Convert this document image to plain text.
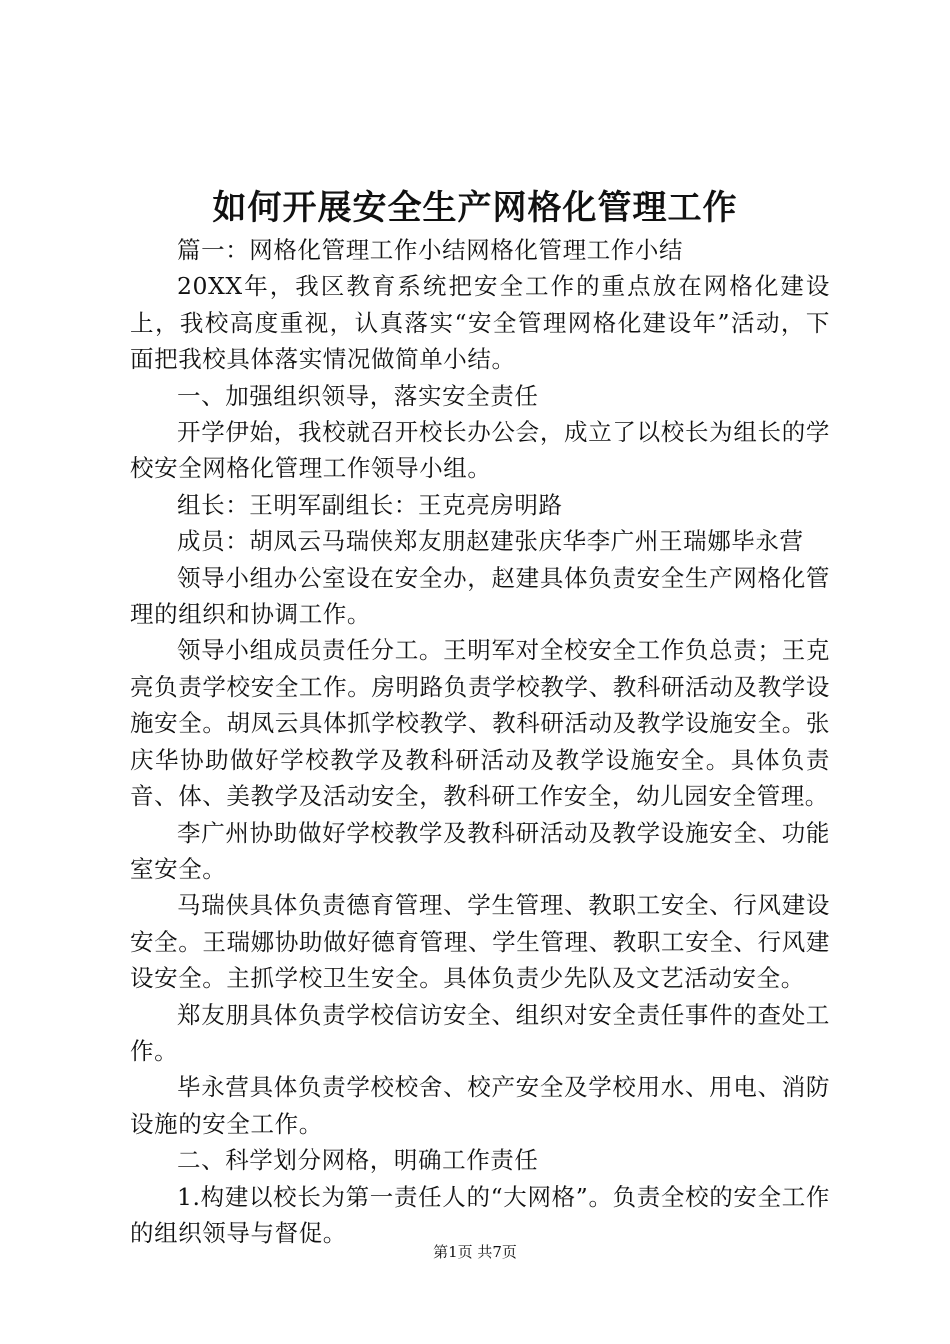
如何开展安全生产网格化管理工作

篇一：网格化管理工作小结网格化管理工作小结

20XX年，我区教育系统把安全工作的重点放在网格化建设上，我校高度重视，认真落实“安全管理网格化建设年”活动，下面把我校具体落实情况做简单小结。

一、加强组织领导，落实安全责任

开学伊始，我校就召开校长办公会，成立了以校长为组长的学校安全网格化管理工作领导小组。

组长：王明军副组长：王克亮房明路

成员：胡凤云马瑞侠郑友朋赵建张庆华李广州王瑞娜毕永营

领导小组办公室设在安全办，赵建具体负责安全生产网格化管理的组织和协调工作。

领导小组成员责任分工。王明军对全校安全工作负总责；王克亮负责学校安全工作。房明路负责学校教学、教科研活动及教学设施安全。胡凤云具体抓学校教学、教科研活动及教学设施安全。张庆华协助做好学校教学及教科研活动及教学设施安全。具体负责音、体、美教学及活动安全，教科研工作安全，幼儿园安全管理。

李广州协助做好学校教学及教科研活动及教学设施安全、功能室安全。

马瑞侠具体负责德育管理、学生管理、教职工安全、行风建设安全。王瑞娜协助做好德育管理、学生管理、教职工安全、行风建设安全。主抓学校卫生安全。具体负责少先队及文艺活动安全。

郑友朋具体负责学校信访安全、组织对安全责任事件的查处工作。

毕永营具体负责学校校舍、校产安全及学校用水、用电、消防设施的安全工作。

二、科学划分网格，明确工作责任

1.构建以校长为第一责任人的“大网格”。负责全校的安全工作的组织领导与督促。

第1页 共7页
